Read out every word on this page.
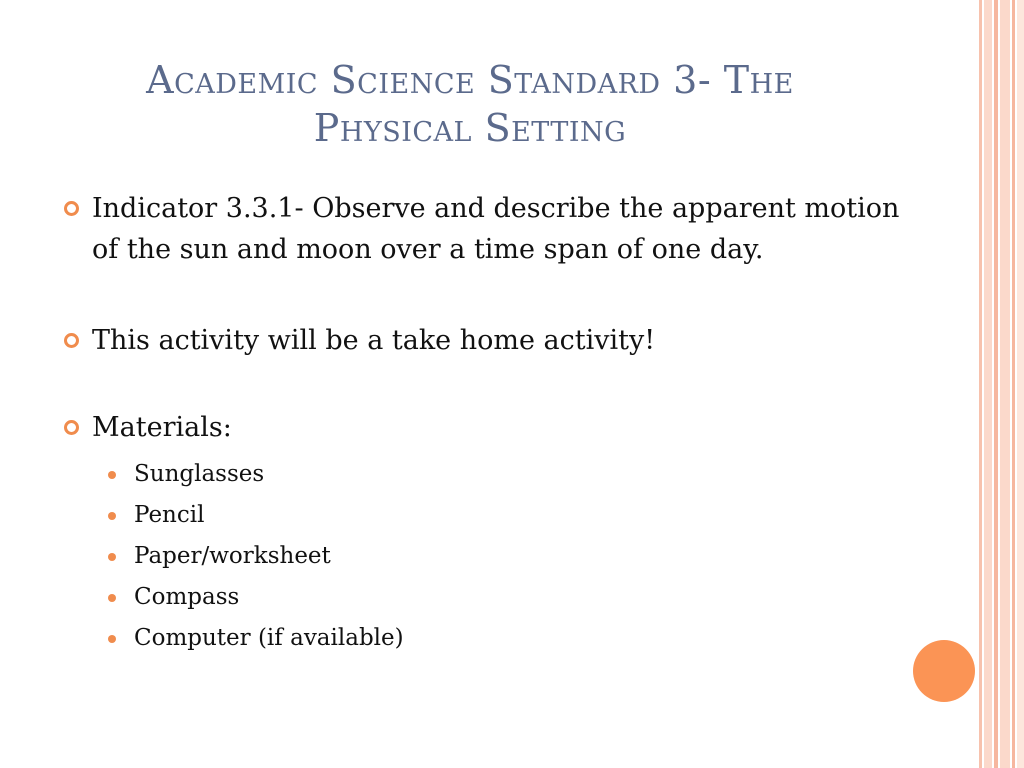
Academic Science Standard 3- The
Physical Setting
Indicator 3.3.1- Observe and describe the apparent motion of the sun and moon over a time span of one day.
This activity will be a take home activity!
Materials:
Sunglasses
Pencil
Paper/worksheet
Compass
Computer (if available)
